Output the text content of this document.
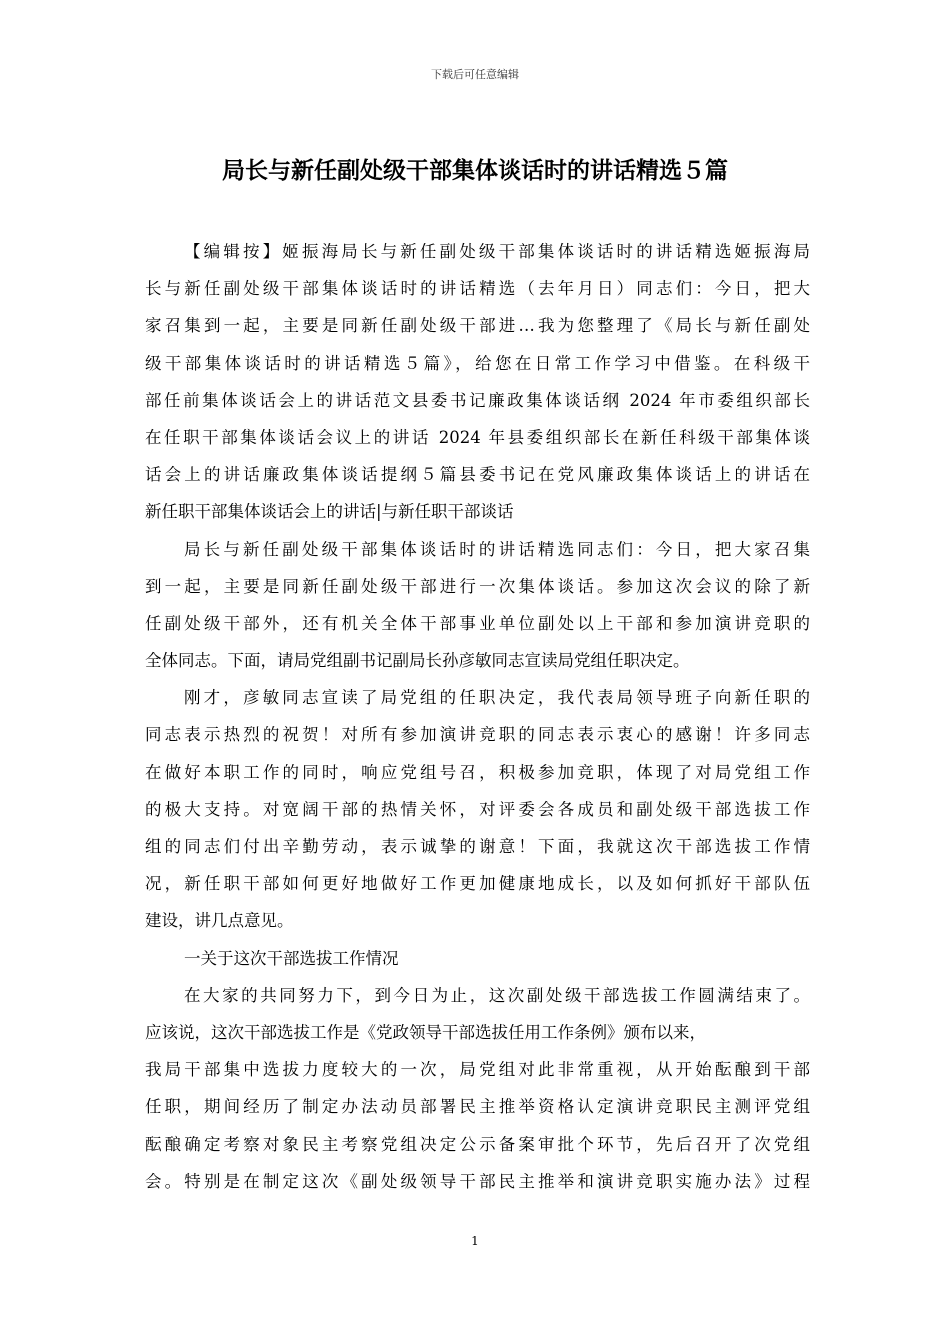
下载后可任意编辑
局长与新任副处级干部集体谈话时的讲话精选５篇
【编辑按】姬振海局长与新任副处级干部集体谈话时的讲话精选姬振海局
长与新任副处级干部集体谈话时的讲话精选（去年月日）同志们：今日，把大
家召集到一起，主要是同新任副处级干部进…我为您整理了《局长与新任副处
级干部集体谈话时的讲话精选５篇》，给您在日常工作学习中借鉴。在科级干
部任前集体谈话会上的讲话范文县委书记廉政集体谈话纲 2024 年市委组织部长
在任职干部集体谈话会议上的讲话 2024 年县委组织部长在新任科级干部集体谈
话会上的讲话廉政集体谈话提纲５篇县委书记在党风廉政集体谈话上的讲话在
新任职干部集体谈话会上的讲话|与新任职干部谈话
局长与新任副处级干部集体谈话时的讲话精选同志们：今日，把大家召集
到一起，主要是同新任副处级干部进行一次集体谈话。参加这次会议的除了新
任副处级干部外，还有机关全体干部事业单位副处以上干部和参加演讲竞职的
全体同志。下面，请局党组副书记副局长孙彦敏同志宣读局党组任职决定。
刚才，彦敏同志宣读了局党组的任职决定，我代表局领导班子向新任职的
同志表示热烈的祝贺！对所有参加演讲竞职的同志表示衷心的感谢！许多同志
在做好本职工作的同时，响应党组号召，积极参加竞职，体现了对局党组工作
的极大支持。对宽阔干部的热情关怀，对评委会各成员和副处级干部选拔工作
组的同志们付出辛勤劳动，表示诚挚的谢意！下面，我就这次干部选拔工作情
况，新任职干部如何更好地做好工作更加健康地成长，以及如何抓好干部队伍
建设，讲几点意见。
一关于这次干部选拔工作情况
在大家的共同努力下，到今日为止，这次副处级干部选拔工作圆满结束了。
应该说，这次干部选拔工作是《党政领导干部选拔任用工作条例》颁布以来，
我局干部集中选拔力度较大的一次，局党组对此非常重视，从开始酝酿到干部
任职，期间经历了制定办法动员部署民主推举资格认定演讲竞职民主测评党组
酝酿确定考察对象民主考察党组决定公示备案审批个环节，先后召开了次党组
会。特别是在制定这次《副处级领导干部民主推举和演讲竞职实施办法》过程
1
